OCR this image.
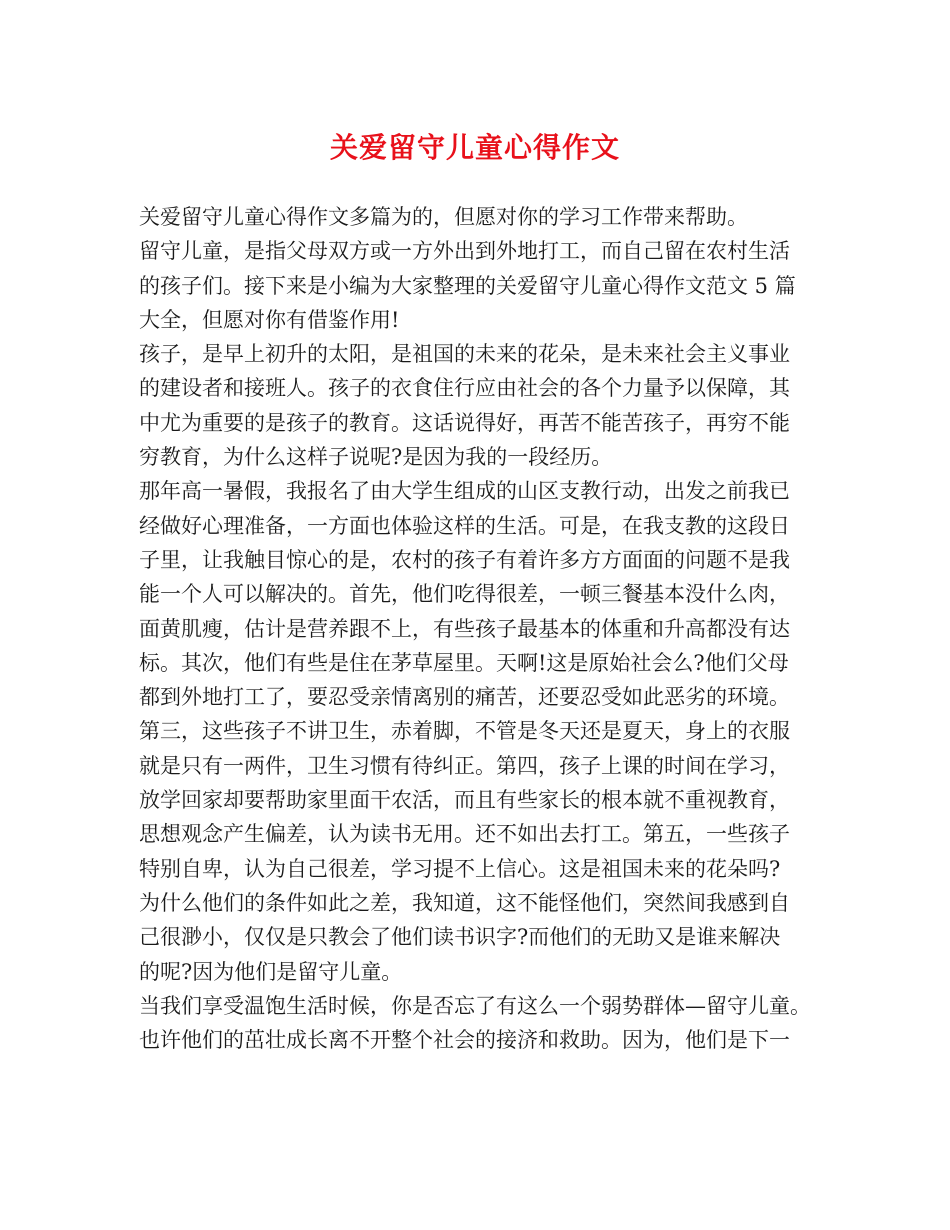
关爱留守儿童心得作文
关爱留守儿童心得作文多篇为的，但愿对你的学习工作带来帮助。
留守儿童，是指父母双方或一方外出到外地打工，而自己留在农村生活
的孩子们。接下来是小编为大家整理的关爱留守儿童心得作文范文 5 篇
大全，但愿对你有借鉴作用!
孩子，是早上初升的太阳，是祖国的未来的花朵，是未来社会主义事业
的建设者和接班人。孩子的衣食住行应由社会的各个力量予以保障，其
中尤为重要的是孩子的教育。这话说得好，再苦不能苦孩子，再穷不能
穷教育，为什么这样子说呢?是因为我的一段经历。
那年高一暑假，我报名了由大学生组成的山区支教行动，出发之前我已
经做好心理准备，一方面也体验这样的生活。可是，在我支教的这段日
子里，让我触目惊心的是，农村的孩子有着许多方方面面的问题不是我
能一个人可以解决的。首先，他们吃得很差，一顿三餐基本没什么肉，
面黄肌瘦，估计是营养跟不上，有些孩子最基本的体重和升高都没有达
标。其次，他们有些是住在茅草屋里。天啊!这是原始社会么?他们父母
都到外地打工了，要忍受亲情离别的痛苦，还要忍受如此恶劣的环境。
第三，这些孩子不讲卫生，赤着脚，不管是冬天还是夏天，身上的衣服
就是只有一两件，卫生习惯有待纠正。第四，孩子上课的时间在学习，
放学回家却要帮助家里面干农活，而且有些家长的根本就不重视教育，
思想观念产生偏差，认为读书无用。还不如出去打工。第五，一些孩子
特别自卑，认为自己很差，学习提不上信心。这是祖国未来的花朵吗?
为什么他们的条件如此之差，我知道，这不能怪他们，突然间我感到自
己很渺小，仅仅是只教会了他们读书识字?而他们的无助又是谁来解决
的呢?因为他们是留守儿童。
当我们享受温饱生活时候，你是否忘了有这么一个弱势群体—留守儿童。
也许他们的茁壮成长离不开整个社会的接济和救助。因为，他们是下一
